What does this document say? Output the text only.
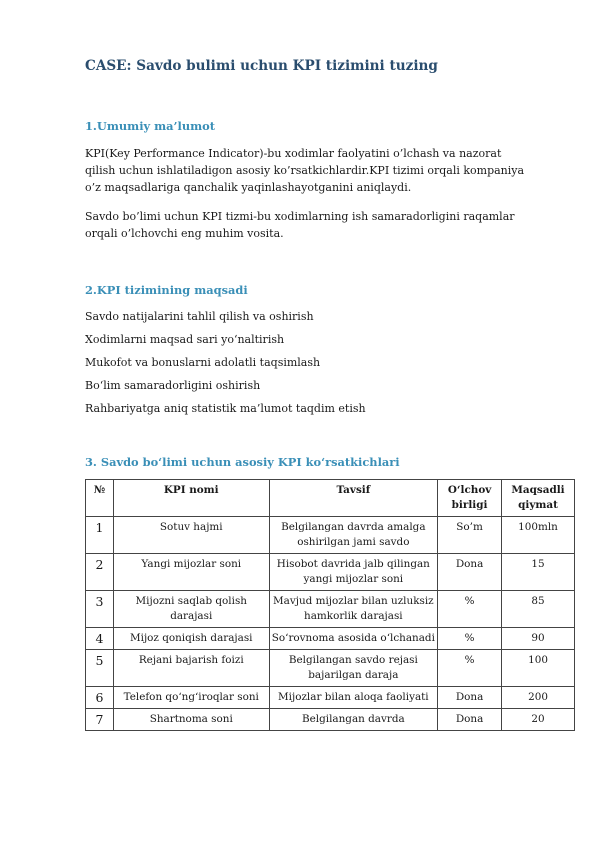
CASE: Savdo bulimi uchun KPI tizimini tuzing
1.Umumiy ma’lumot
KPI(Key Performance Indicator)-bu xodimlar faolyatini o’lchash va nazorat qilish uchun ishlatiladigon asosiy ko’rsatkichlardir.KPI tizimi orqali kompaniya o’z maqsadlariga qanchalik yaqinlashayotganini aniqlaydi.
Savdo bo’limi uchun KPI tizmi-bu xodimlarning ish samaradorligini raqamlar orqali o’lchovchi eng muhim vosita.
2.KPI tizimining maqsadi
Savdo natijalarini tahlil qilish va oshirish
Xodimlarni maqsad sari yo‘naltirish
Mukofot va bonuslarni adolatli taqsimlash
Bo‘lim samaradorligini oshirish
Rahbariyatga aniq statistik ma’lumot taqdim etish
3. Savdo bo‘limi uchun asosiy KPI ko‘rsatkichlari
№	KPI nomi	Tavsif	O‘lchov birligi	Maqsadli qiymat
1	Sotuv hajmi	Belgilangan davrda amalga oshirilgan jami savdo	So’m	100mln
2	Yangi mijozlar soni	Hisobot davrida jalb qilingan yangi mijozlar soni	Dona	15
3	Mijozni saqlab qolish darajasi	Mavjud mijozlar bilan uzluksiz hamkorlik darajasi	%	85
4	Mijoz qoniqish darajasi	So‘rovnoma asosida o‘lchanadi	%	90
5	Rejani bajarish foizi	Belgilangan savdo rejasi bajarilgan daraja	%	100
6	Telefon qo‘ng‘iroqlar soni	Mijozlar bilan aloqa faoliyati	Dona	200
7	Shartnoma soni	Belgilangan davrda	Dona	20
